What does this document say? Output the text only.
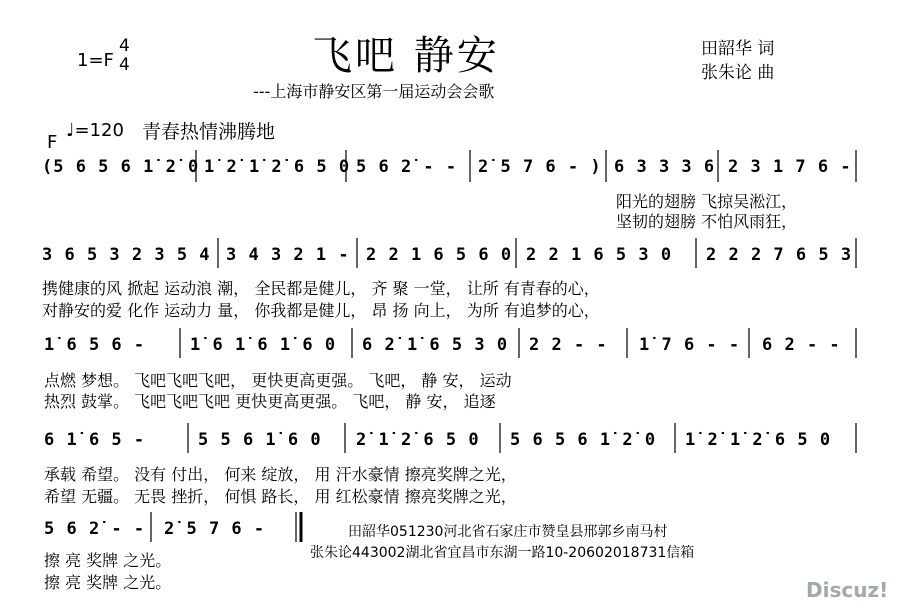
1=F
4
4	飞吧 静安
---上海市静安区第一届运动会会歌
田韶华 词
张朱论 曲
F
♩=120 青春热情沸腾地
(5 6 5 6 1̇ 2̇ 0 1̇ 2̇ 1̇ 2̇ 6 5 0 5 6 2̇ - - 2̇ 5 7 6 - ) 6 3 3 3 6 2 3 1 7 6 -
阳光的翅膀 飞掠吴淞江，
坚韧的翅膀 不怕风雨狂，
3 6 5 3 2 3 5 4 3 4 3 2 1 - 2 2 1 6 5 6 0 2 2 1 6 5 3 0 2 2 2 7 6 5 3
携健康的风 掀起 运动浪 潮， 全民都是健儿， 齐 聚 一堂， 让所 有青春的心，
对静安的爱 化作 运动力 量， 你我都是健儿， 昂 扬 向上， 为所 有追梦的心，
1̇ 6 5 6 -	1̇ 6 1̇ 6 1̇ 6 0 6 2̇ 1̇ 6 5 3 0 2 2 - - 1̇ 7 6 - - 6 2 - -
点燃 梦想。 飞吧飞吧飞吧， 更快更高更强。 飞吧， 静 安， 运动
热烈 鼓掌。 飞吧飞吧飞吧 更快更高更强。 飞吧， 静 安， 追逐
6 1̇ 6 5 -	5 5 6 1̇ 6 0 2̇ 1̇ 2̇ 6 5 0 5 6 5 6 1̇ 2̇ 0 1̇ 2̇ 1̇ 2̇ 6 5 0
承载 希望。 没有 付出， 何来 绽放， 用 汗水豪情 擦亮奖牌之光，
希望 无疆。 无畏 挫折， 何惧 路长， 用 红松豪情 擦亮奖牌之光，
5 6 2̇ - - 2̇ 5 7 6 -
擦 亮 奖牌 之光。
擦 亮 奖牌 之光。
田韶华051230河北省石家庄市赞皇县邢郭乡南马村
张朱论443002湖北省宜昌市东湖一路10-20602018731信箱
Discuz!
